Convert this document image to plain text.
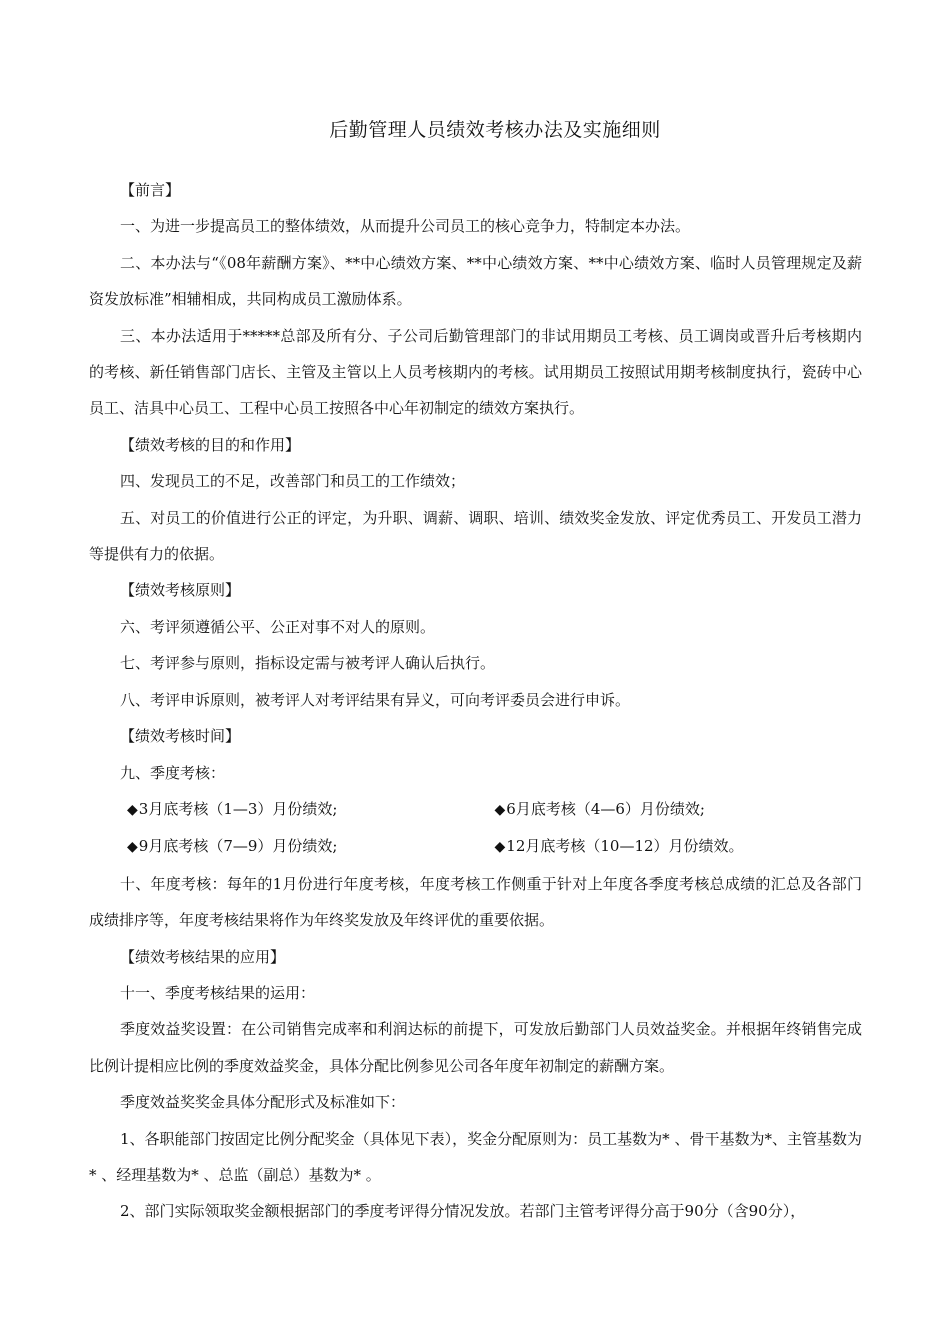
后勤管理人员绩效考核办法及实施细则

【前言】

一、为进一步提高员工的整体绩效，从而提升公司员工的核心竞争力，特制定本办法。

二、本办法与“《08年薪酬方案》、**中心绩效方案、**中心绩效方案、**中心绩效方案、临时人员管理规定及薪资发放标准”相辅相成，共同构成员工激励体系。

三、本办法适用于*****总部及所有分、子公司后勤管理部门的非试用期员工考核、员工调岗或晋升后考核期内的考核、新任销售部门店长、主管及主管以上人员考核期内的考核。试用期员工按照试用期考核制度执行，瓷砖中心员工、洁具中心员工、工程中心员工按照各中心年初制定的绩效方案执行。

【绩效考核的目的和作用】

四、发现员工的不足，改善部门和员工的工作绩效；

五、对员工的价值进行公正的评定，为升职、调薪、调职、培训、绩效奖金发放、评定优秀员工、开发员工潜力等提供有力的依据。

【绩效考核原则】

六、考评须遵循公平、公正对事不对人的原则。

七、考评参与原则，指标设定需与被考评人确认后执行。

八、考评申诉原则，被考评人对考评结果有异义，可向考评委员会进行申诉。

【绩效考核时间】

九、季度考核：

◆3月底考核（1—3）月份绩效;	◆6月底考核（4—6）月份绩效;
◆9月底考核（7—9）月份绩效;	◆12月底考核（10—12）月份绩效。

十、年度考核：每年的1月份进行年度考核，年度考核工作侧重于针对上年度各季度考核总成绩的汇总及各部门成绩排序等，年度考核结果将作为年终奖发放及年终评优的重要依据。

【绩效考核结果的应用】

十一、季度考核结果的运用：

季度效益奖设置：在公司销售完成率和利润达标的前提下，可发放后勤部门人员效益奖金。并根据年终销售完成比例计提相应比例的季度效益奖金，具体分配比例参见公司各年度年初制定的薪酬方案。

季度效益奖奖金具体分配形式及标准如下：

1、各职能部门按固定比例分配奖金（具体见下表），奖金分配原则为：员工基数为* 、骨干基数为*、主管基数为* 、经理基数为* 、总监（副总）基数为* 。

2、部门实际领取奖金额根据部门的季度考评得分情况发放。若部门主管考评得分高于90分（含90分），
